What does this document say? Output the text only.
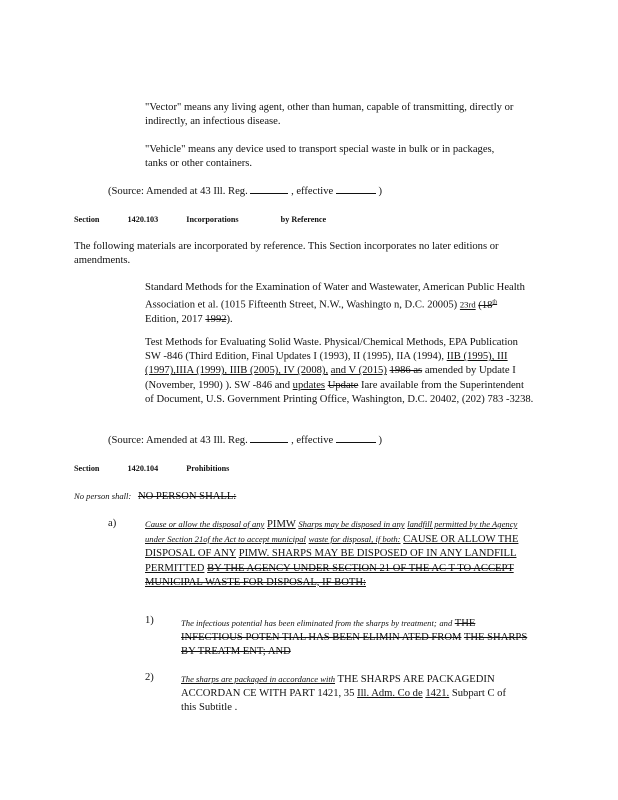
"Vector" means any living agent, other than human, capable of transmitting, directly or indirectly, an infectious disease.
"Vehicle" means any device used to transport special waste in bulk or in packages, tanks or other containers.
(Source: Amended at 43 Ill. Reg.	, effective	)
Section	1420.103	Incorporations	by Reference
The following materials are incorporated by reference. This Section incorporates no later editions or amendments.
Standard Methods for the Examination of Water and Wastewater, American Public Health Association et al. (1015 Fifteenth Street, N.W., Washingto n, D.C. 20005) 23rd (18th Edition, 2017 1992).
Test Methods for Evaluating Solid Waste. Physical/Chemical Methods, EPA Publication SW -846 (Third Edition, Final Updates I (1993), II (1995), IIA (1994), IIB (1995), III (1997),IIIA (1999), IIIB (2005), IV (2008), and V (2015) 1986 as amended by Update I (November, 1990) ). SW -846 and updates Update Iare available from the Superintendent of Document, U.S. Government Printing Office, Washington, D.C. 20402, (202) 783 -3238.
(Source: Amended at 43 Ill. Reg.	, effective	)
Section	1420.104	Prohibitions
No person shall: NO PERSON SHALL:
a)	Cause or allow the disposal of any PIMW Sharps may be disposed in any landfill permitted by the Agency under Section 21of the Act to accept municipal waste for disposal, if both: CAUSE OR ALLOW THE DISPOSAL OF ANY PIMW. SHARPS MAY BE DISPOSED OF IN ANY LANDFILL PERMITTED BY THE AGENCY UNDER SECTION 21 OF THE AC T TO ACCEPT MUNICIPAL WASTE FOR DISPOSAL, IF BOTH:
1)	The infectious potential has been eliminated from the sharps by treatment; and THE INFECTIOUS POTEN TIAL HAS BEEN ELIMIN ATED FROM THE SHARPS BY TREATM ENT; AND
2)	The sharps are packaged in accordance with THE SHARPS ARE PACKAGEDIN ACCORDAN CE WITH PART 1421, 35 Ill. Adm. Co de 1421. Subpart C of this Subtitle .
